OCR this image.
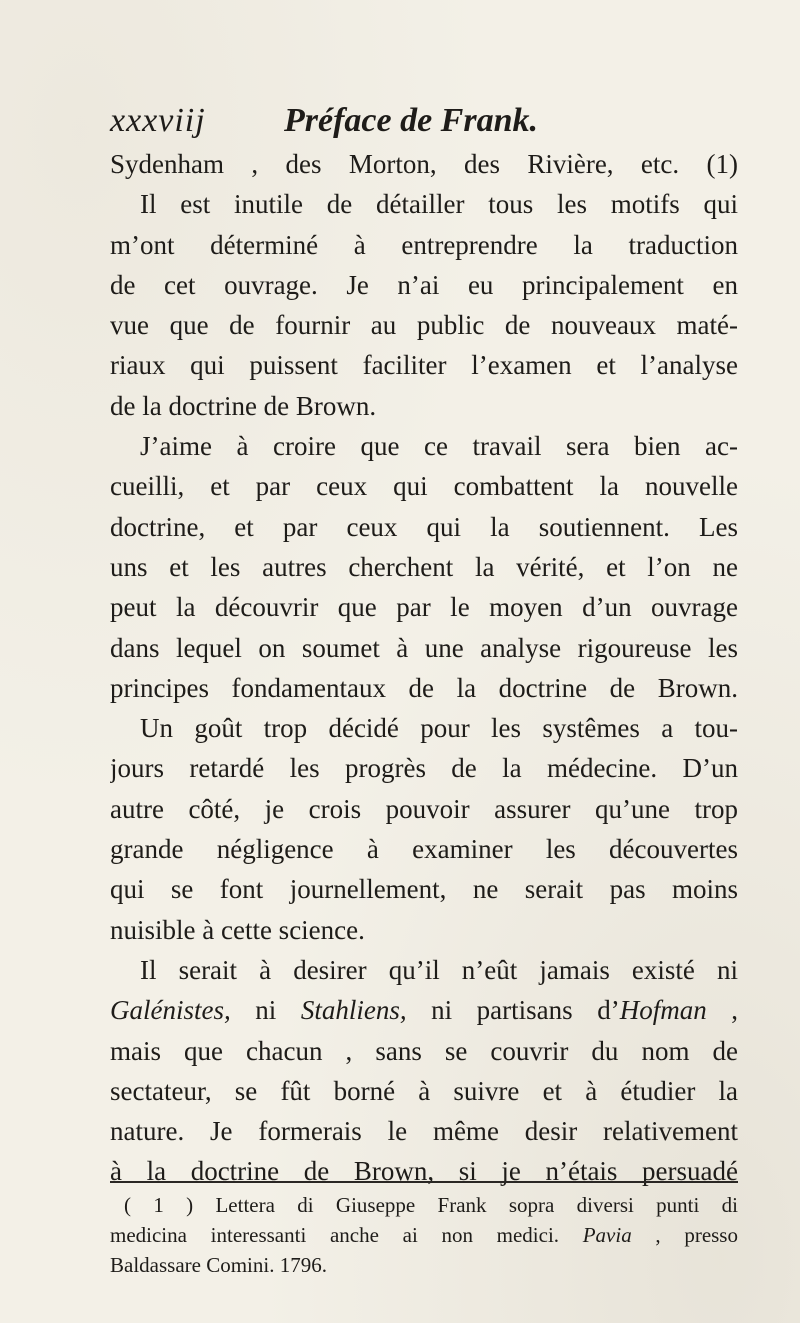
xxxviij Préface de Frank.
Sydenham , des Morton, des Rivière, etc. (1)
Il est inutile de détailler tous les motifs qui
m’ont déterminé à entreprendre la traduction
de cet ouvrage. Je n’ai eu principalement en
vue que de fournir au public de nouveaux maté-
riaux qui puissent faciliter l’examen et l’analyse
de la doctrine de Brown.
J’aime à croire que ce travail sera bien ac-
cueilli, et par ceux qui combattent la nouvelle
doctrine, et par ceux qui la soutiennent. Les
uns et les autres cherchent la vérité, et l’on ne
peut la découvrir que par le moyen d’un ouvrage
dans lequel on soumet à une analyse rigoureuse les
principes fondamentaux de la doctrine de Brown.
Un goût trop décidé pour les systêmes a tou-
jours retardé les progrès de la médecine. D’un
autre côté, je crois pouvoir assurer qu’une trop
grande négligence à examiner les découvertes
qui se font journellement, ne serait pas moins
nuisible à cette science.
Il serait à desirer qu’il n’eût jamais existé ni
Galénistes, ni Stahliens, ni partisans d’Hofman ,
mais que chacun , sans se couvrir du nom de
sectateur, se fût borné à suivre et à étudier la
nature. Je formerais le même desir relativement
à la doctrine de Brown, si je n’étais persuadé
( 1 ) Lettera di Giuseppe Frank sopra diversi punti di
medicina interessanti anche ai non medici. Pavia , presso
Baldassare Comini. 1796.
